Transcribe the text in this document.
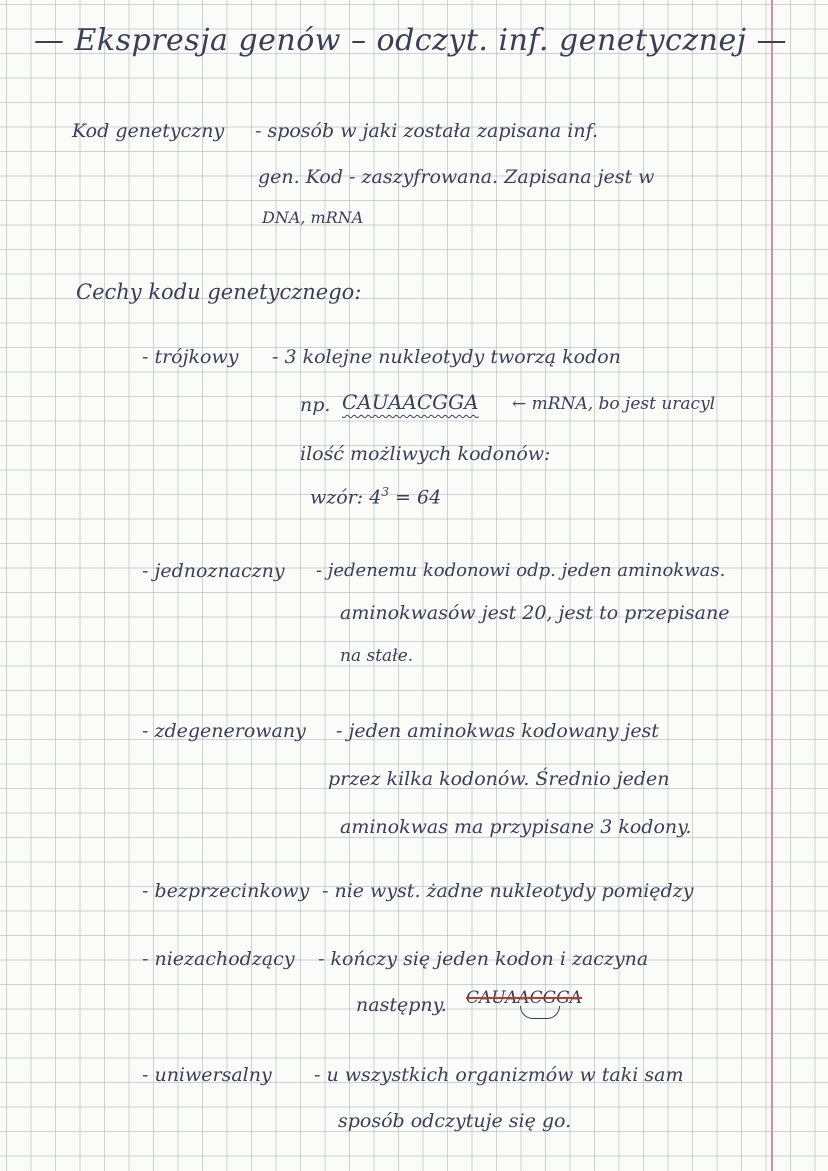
— Ekspresja genów – odczyt. inf. genetycznej —
Kod genetyczny - sposób w jaki została zapisana inf.
gen. Kod - zaszyfrowana. Zapisana jest w
DNA, mRNA
Cechy kodu genetycznego:
- trójkowy - 3 kolejne nukleotydy tworzą kodon
np. CAUAACGGA ← mRNA, bo jest uracyl
ilość możliwych kodonów:
wzór: $4^3 = 64$
- jednoznaczny - jedenemu kodonowi odp. jeden aminokwas.
aminokwasów jest 20, jest to przepisane
na stałe.
- zdegenerowany - jeden aminokwas kodowany jest
przez kilka kodonów. Średnio jeden
aminokwas ma przypisane 3 kodony.
- bezprzecinkowy - nie wyst. żadne nukleotydy pomiędzy
- niezachodzący - kończy się jeden kodon i zaczyna
następny. CAUAACGGA
- uniwersalny - u wszystkich organizmów w taki sam
sposób odczytuje się go.
